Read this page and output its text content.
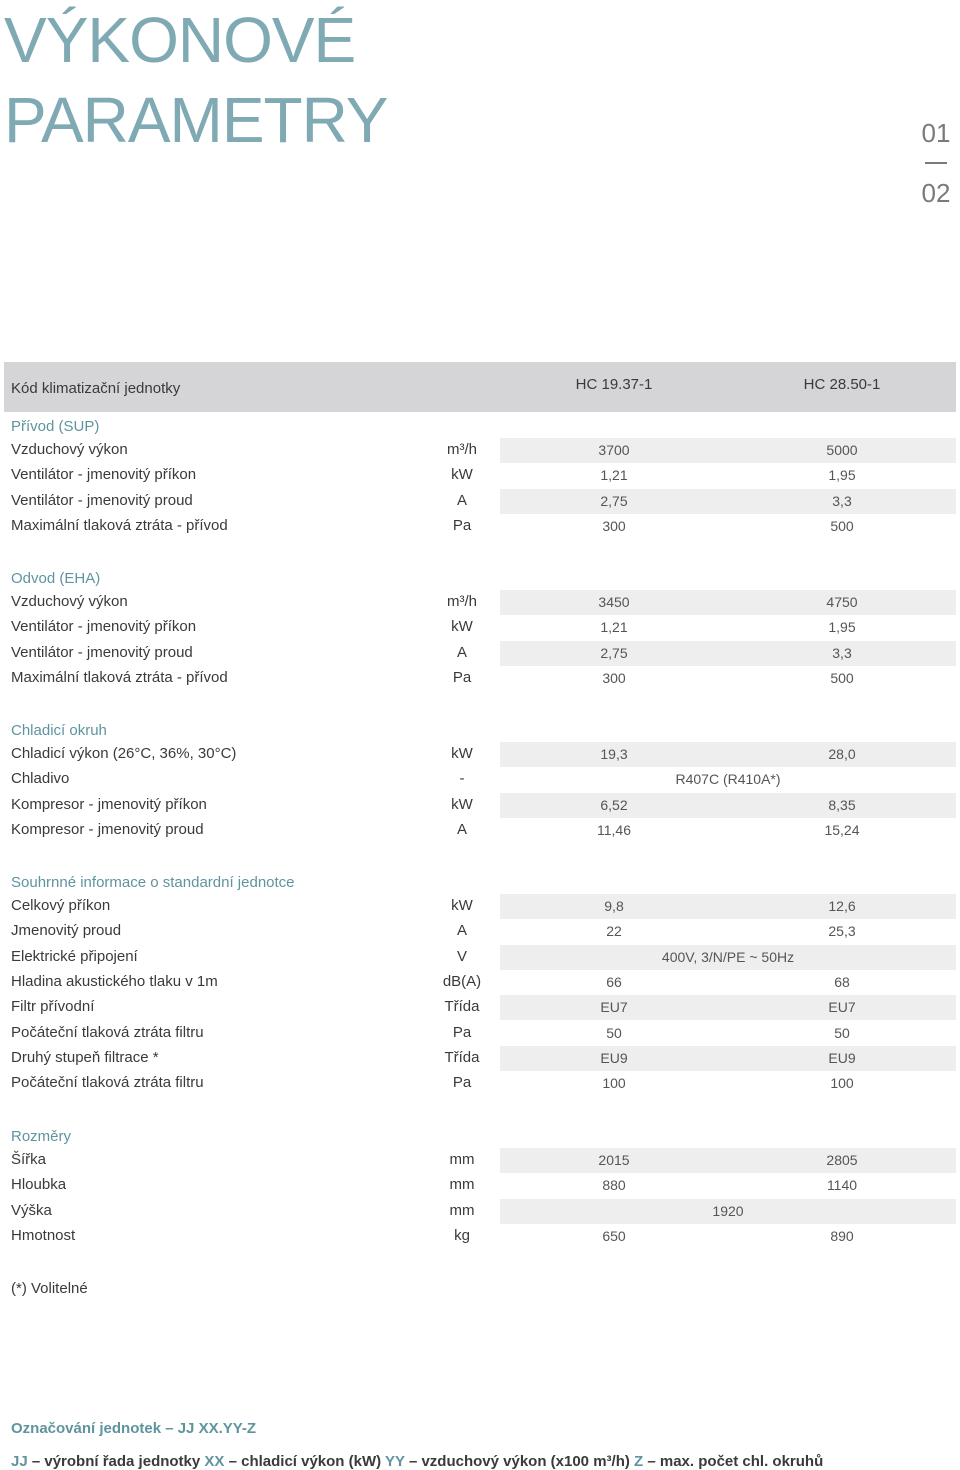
VÝKONOVÉ
PARAMETRY	01
02
Kód klimatizační jednotky	HC 19.37-1	HC 28.50-1
Přívod (SUP)
Vzduchový výkon	m³/h	3700	5000
Ventilátor - jmenovitý příkon	kW	1,21	1,95
Ventilátor - jmenovitý proud	A	2,75	3,3
Maximální tlaková ztráta - přívod	Pa	300	500
Odvod (EHA)
Vzduchový výkon	m³/h	3450	4750
Ventilátor - jmenovitý příkon	kW	1,21	1,95
Ventilátor - jmenovitý proud	A	2,75	3,3
Maximální tlaková ztráta - přívod	Pa	300	500
Chladicí okruh
Chladicí výkon (26°C, 36%, 30°C)	kW	19,3	28,0
Chladivo	-	R407C (R410A*)
Kompresor - jmenovitý příkon	kW	6,52	8,35
Kompresor - jmenovitý proud	A	11,46	15,24
Souhrnné informace o standardní jednotce
Celkový příkon	kW	9,8	12,6
Jmenovitý proud	A	22	25,3
Elektrické připojení	V	400V, 3/N/PE ~ 50Hz
Hladina akustického tlaku v 1m	dB(A)	66	68
Filtr přívodní	Třída	EU7	EU7
Počáteční tlaková ztráta filtru	Pa	50	50
Druhý stupeň filtrace *	Třída	EU9	EU9
Počáteční tlaková ztráta filtru	Pa	100	100
Rozměry
Šířka	mm	2015	2805
Hloubka	mm	880	1140
Výška	mm	1920
Hmotnost	kg	650	890
(*) Volitelné
Označování jednotek – JJ XX.YY-Z
JJ – výrobní řada jednotky XX – chladicí výkon (kW) YY – vzduchový výkon (x100 m³/h) Z – max. počet chl. okruhů
